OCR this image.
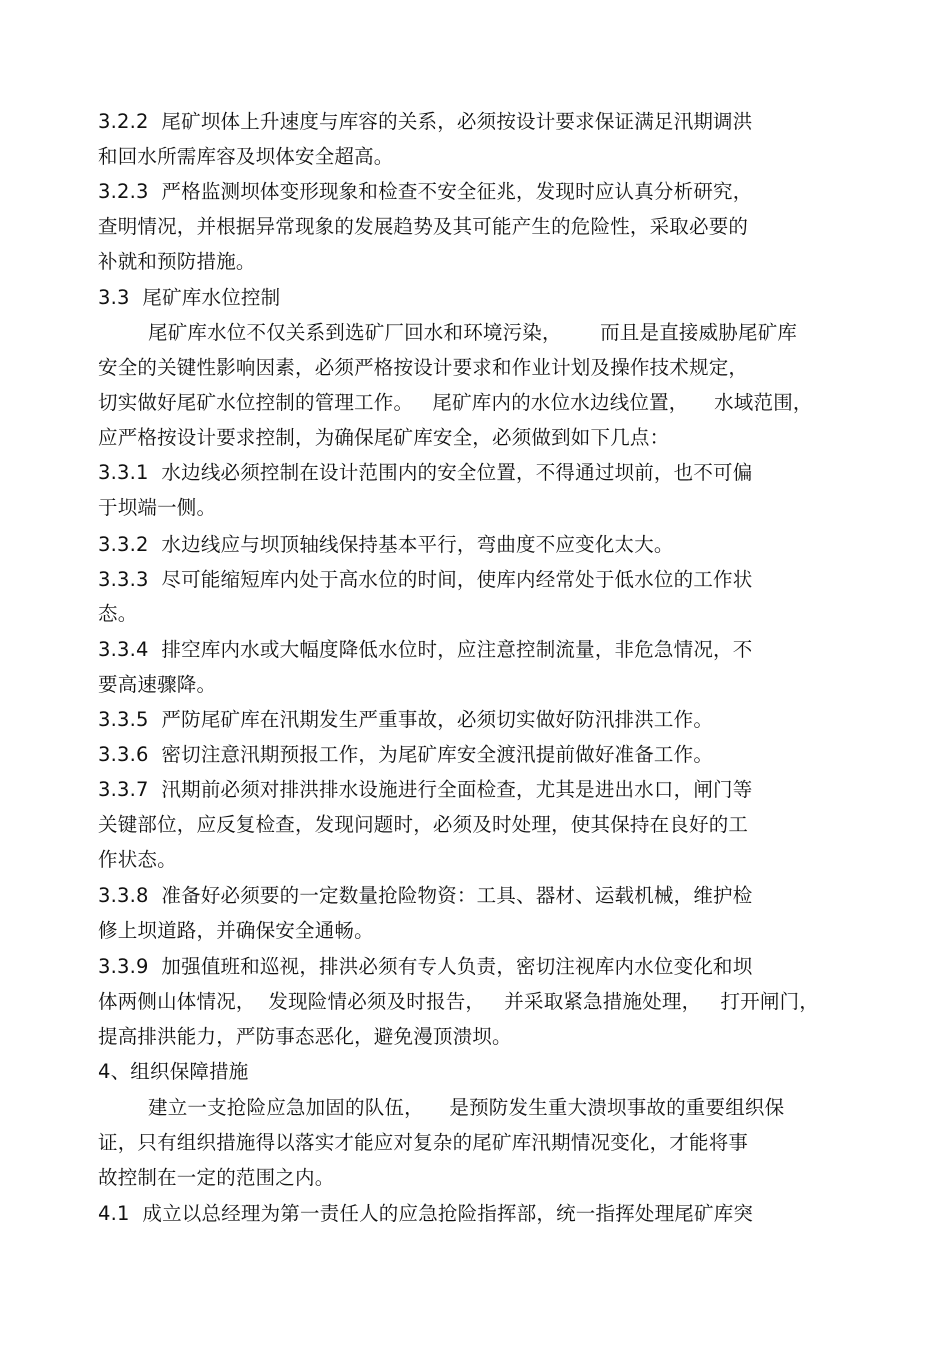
3.2.2  尾矿坝体上升速度与库容的关系，必须按设计要求保证满足汛期调洪
和回水所需库容及坝体安全超高。
3.2.3  严格监测坝体变形现象和检查不安全征兆，发现时应认真分析研究，
查明情况，并根据异常现象的发展趋势及其可能产生的危险性，采取必要的
补就和预防措施。
3.3  尾矿库水位控制
尾矿库水位不仅关系到选矿厂回水和环境污染，      而且是直接威胁尾矿库
安全的关键性影响因素，必须严格按设计要求和作业计划及操作技术规定，
切实做好尾矿水位控制的管理工作。   尾矿库内的水位水边线位置，    水域范围，
应严格按设计要求控制，为确保尾矿库安全，必须做到如下几点：
3.3.1  水边线必须控制在设计范围内的安全位置，不得通过坝前，也不可偏
于坝端一侧。
3.3.2  水边线应与坝顶轴线保持基本平行，弯曲度不应变化太大。
3.3.3  尽可能缩短库内处于高水位的时间，使库内经常处于低水位的工作状
态。
3.3.4  排空库内水或大幅度降低水位时，应注意控制流量，非危急情况，不
要高速骤降。
3.3.5  严防尾矿库在汛期发生严重事故，必须切实做好防汛排洪工作。
3.3.6  密切注意汛期预报工作，为尾矿库安全渡汛提前做好准备工作。
3.3.7  汛期前必须对排洪排水设施进行全面检查，尤其是进出水口，闸门等
关键部位，应反复检查，发现问题时，必须及时处理，使其保持在良好的工
作状态。
3.3.8  准备好必须要的一定数量抢险物资：工具、器材、运载机械，维护检
修上坝道路，并确保安全通畅。
3.3.9  加强值班和巡视，排洪必须有专人负责，密切注视库内水位变化和坝
体两侧山体情况，  发现险情必须及时报告，   并采取紧急措施处理，   打开闸门，
提高排洪能力，严防事态恶化，避免漫顶溃坝。
4、组织保障措施
建立一支抢险应急加固的队伍，    是预防发生重大溃坝事故的重要组织保
证，只有组织措施得以落实才能应对复杂的尾矿库汛期情况变化，才能将事
故控制在一定的范围之内。
4.1  成立以总经理为第一责任人的应急抢险指挥部，统一指挥处理尾矿库突
